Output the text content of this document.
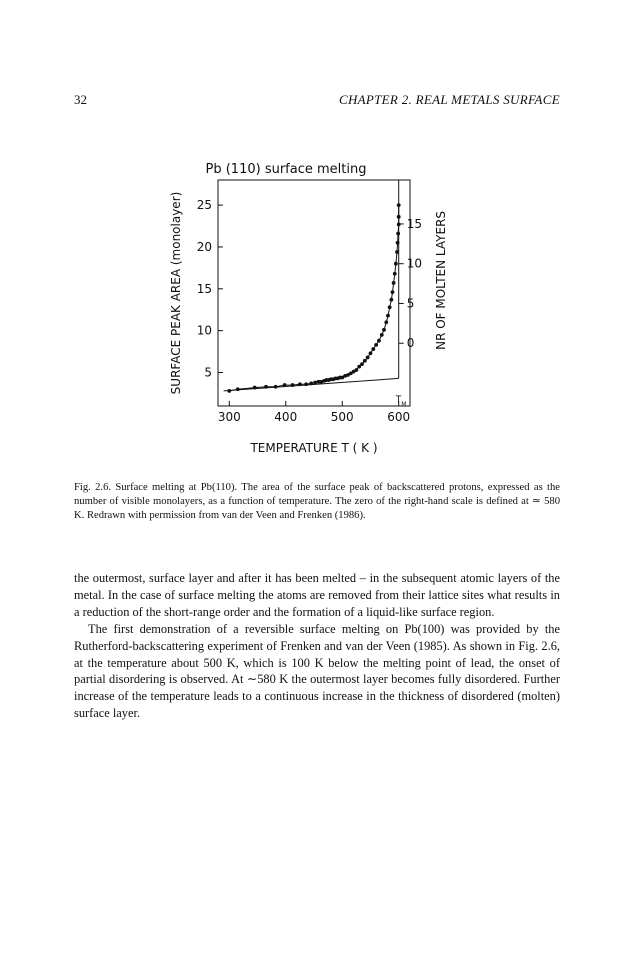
32	CHAPTER 2. REAL METALS SURFACE
Pb (110) surface melting
300	400	500	600
5
10
15
20
25
0
5
10
15
$T_M$
SURFACE PEAK AREA (monolayer)	NR OF MOLTEN LAYERS
TEMPERATURE T ( K )
Fig. 2.6. Surface melting at Pb(110). The area of the surface peak of backscattered protons, expressed as the number of visible monolayers, as a function of temperature. The zero of the right-hand scale is defined at ≃ 580 K. Redrawn with permission from van der Veen and Frenken (1986).

the outermost, surface layer and after it has been melted – in the subsequent atomic layers of the metal. In the case of surface melting the atoms are removed from their lattice sites what results in a reduction of the short-range order and the formation of a liquid-like surface region.

The first demonstration of a reversible surface melting on Pb(100) was provided by the Rutherford-backscattering experiment of Frenken and van der Veen (1985). As shown in Fig. 2.6, at the temperature about 500 K, which is 100 K below the melting point of lead, the onset of partial disordering is observed. At ∼580 K the outermost layer becomes fully disordered. Further increase of the temperature leads to a continuous increase in the thickness of disordered (molten) surface layer.
